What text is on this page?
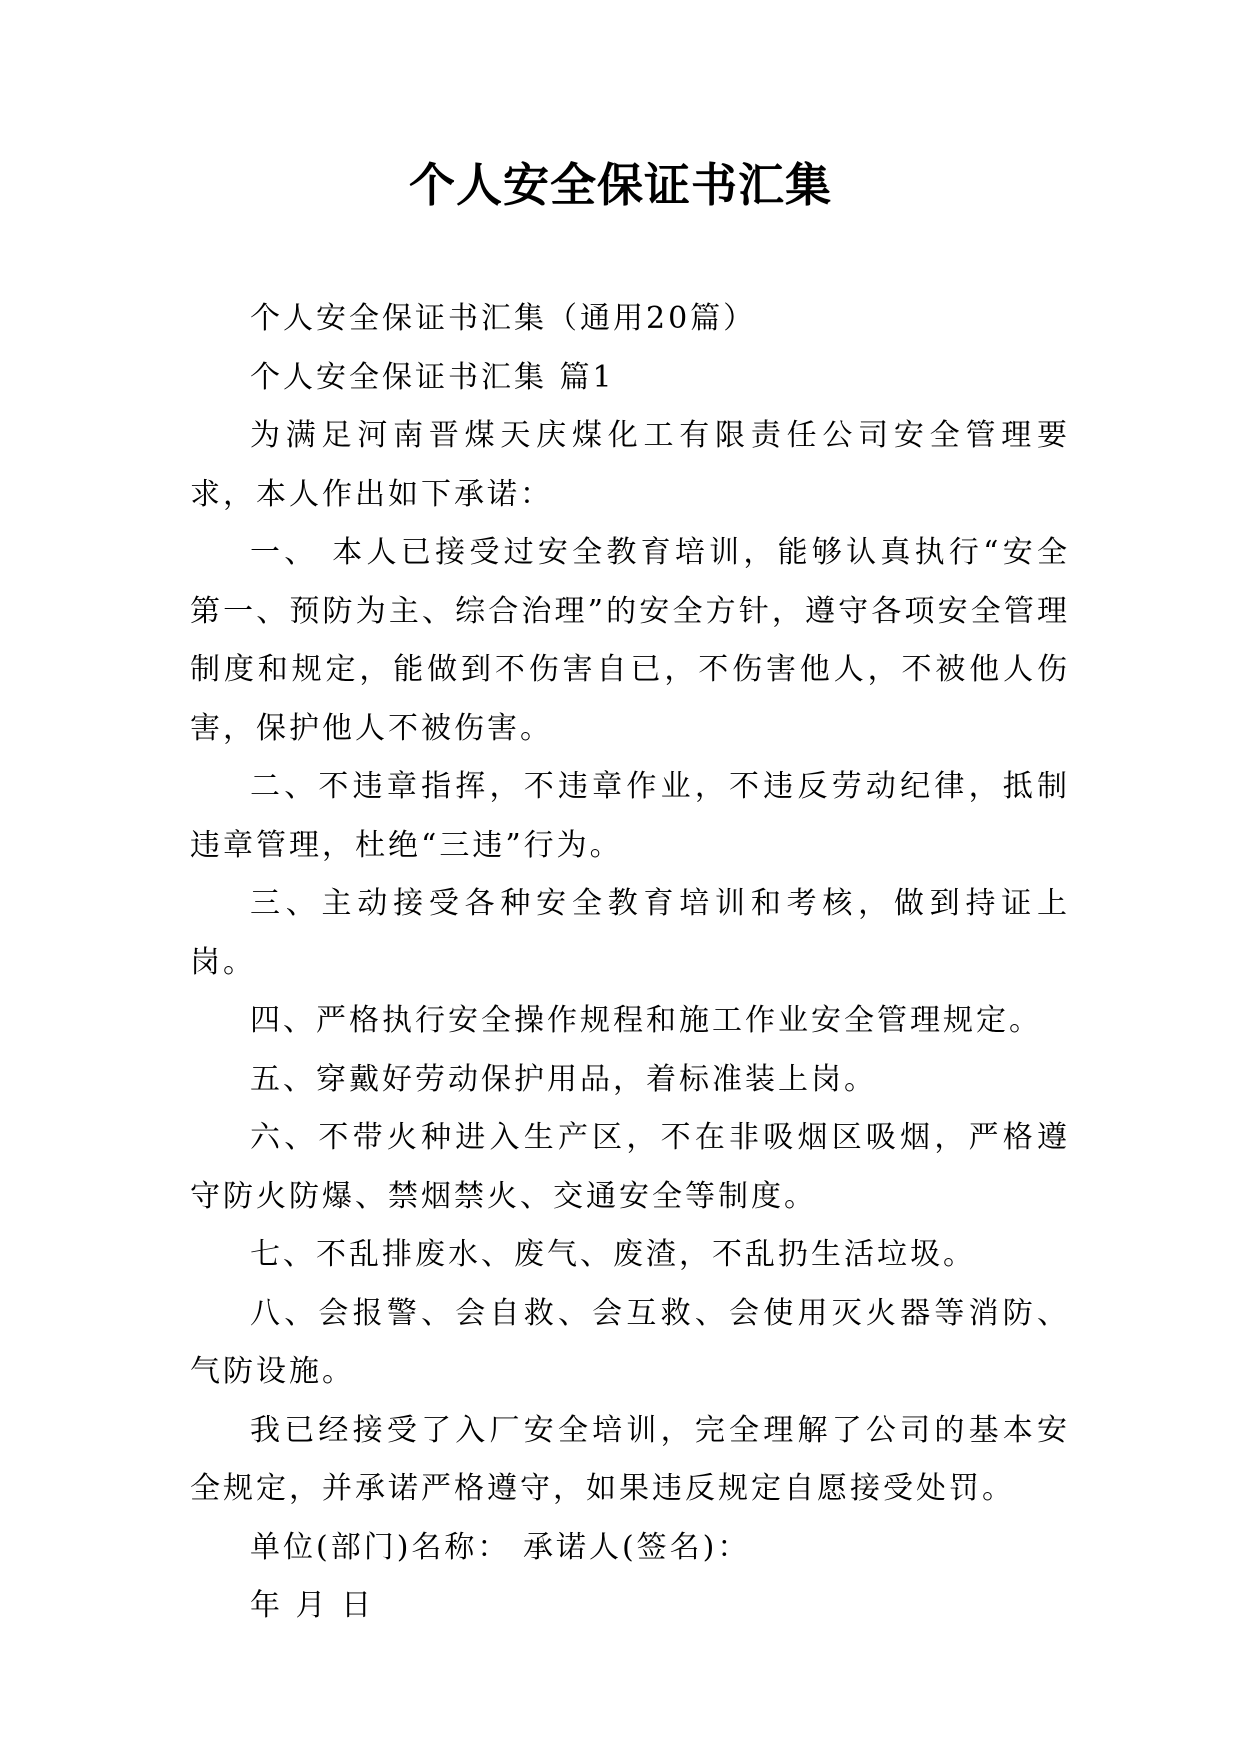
个人安全保证书汇集

个人安全保证书汇集（通用20篇）

个人安全保证书汇集 篇1

为满足河南晋煤天庆煤化工有限责任公司安全管理要求，本人作出如下承诺：

一、 本人已接受过安全教育培训，能够认真执行“安全第一、预防为主、综合治理”的安全方针，遵守各项安全管理制度和规定，能做到不伤害自已，不伤害他人，不被他人伤害，保护他人不被伤害。

二、不违章指挥，不违章作业，不违反劳动纪律，抵制违章管理，杜绝“三违”行为。

三、主动接受各种安全教育培训和考核，做到持证上岗。

四、严格执行安全操作规程和施工作业安全管理规定。

五、穿戴好劳动保护用品，着标准装上岗。

六、不带火种进入生产区，不在非吸烟区吸烟，严格遵守防火防爆、禁烟禁火、交通安全等制度。

七、不乱排废水、废气、废渣，不乱扔生活垃圾。

八、会报警、会自救、会互救、会使用灭火器等消防、气防设施。

我已经接受了入厂安全培训，完全理解了公司的基本安全规定，并承诺严格遵守，如果违反规定自愿接受处罚。

单位(部门)名称： 承诺人(签名)：

年 月 日
